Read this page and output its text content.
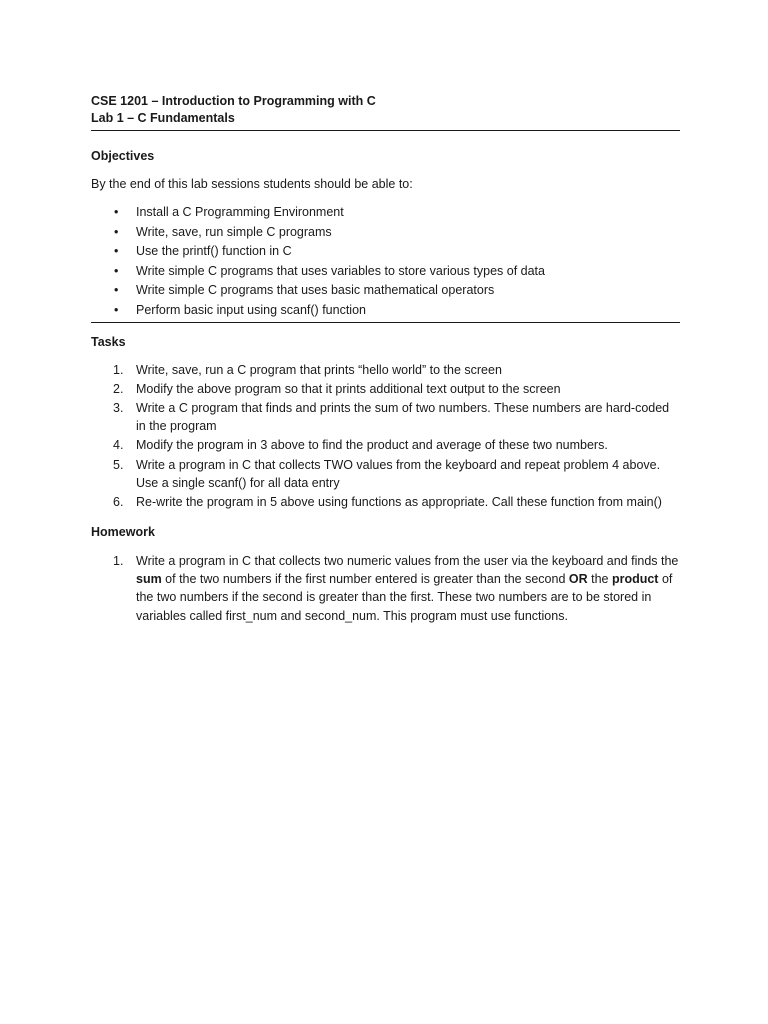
CSE 1201 – Introduction to Programming with C
Lab 1 – C Fundamentals
Objectives
By the end of this lab sessions students should be able to:
• Install a C Programming Environment
• Write, save, run simple C programs
• Use the printf() function in C
• Write simple C programs that uses variables to store various types of data
• Write simple C programs that uses basic mathematical operators
• Perform basic input using scanf() function
Tasks
1. Write, save, run a C program that prints “hello world” to the screen
2. Modify the above program so that it prints additional text output to the screen
3. Write a C program that finds and prints the sum of two numbers. These numbers are hard-coded in the program
4. Modify the program in 3 above to find the product and average of these two numbers.
5. Write a program in C that collects TWO values from the keyboard and repeat problem 4 above. Use a single scanf() for all data entry
6. Re-write the program in 5 above using functions as appropriate. Call these function from main()
Homework
1. Write a program in C that collects two numeric values from the user via the keyboard and finds the sum of the two numbers if the first number entered is greater than the second OR the product of the two numbers if the second is greater than the first. These two numbers are to be stored in variables called first_num and second_num. This program must use functions.
